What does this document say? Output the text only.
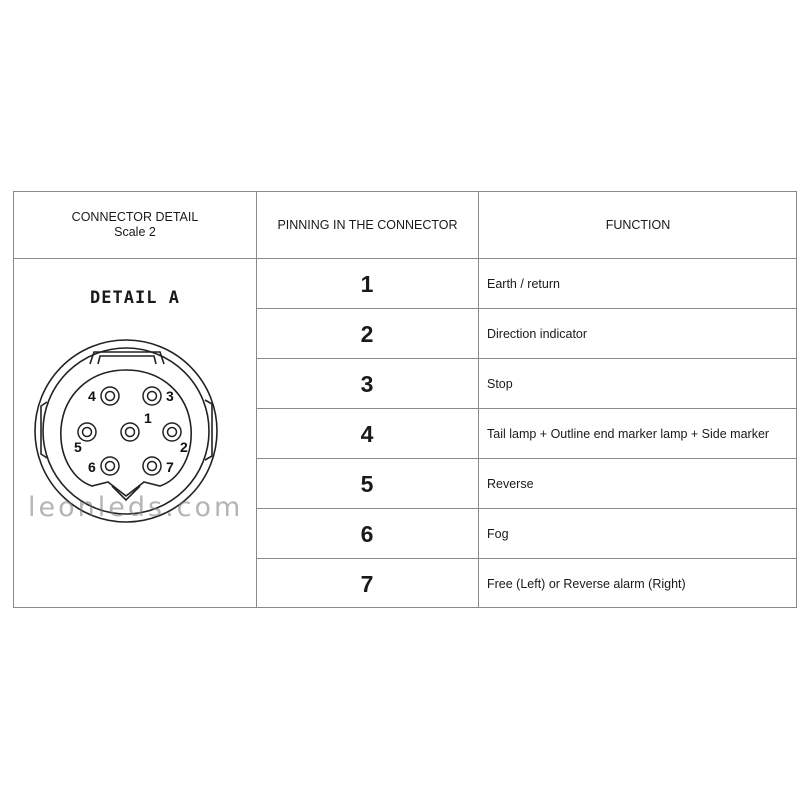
CONNECTOR DETAIL
Scale 2
PINNING IN THE CONNECTOR	FUNCTION
DETAIL A
1	Earth / return
2	Direction indicator
3	Stop
4	Tail lamp + Outline end marker lamp + Side marker
5	Reverse
6	Fog
7	Free (Left) or Reverse alarm (Right)
1
2
3
4
5
6	7
leonleds.com
